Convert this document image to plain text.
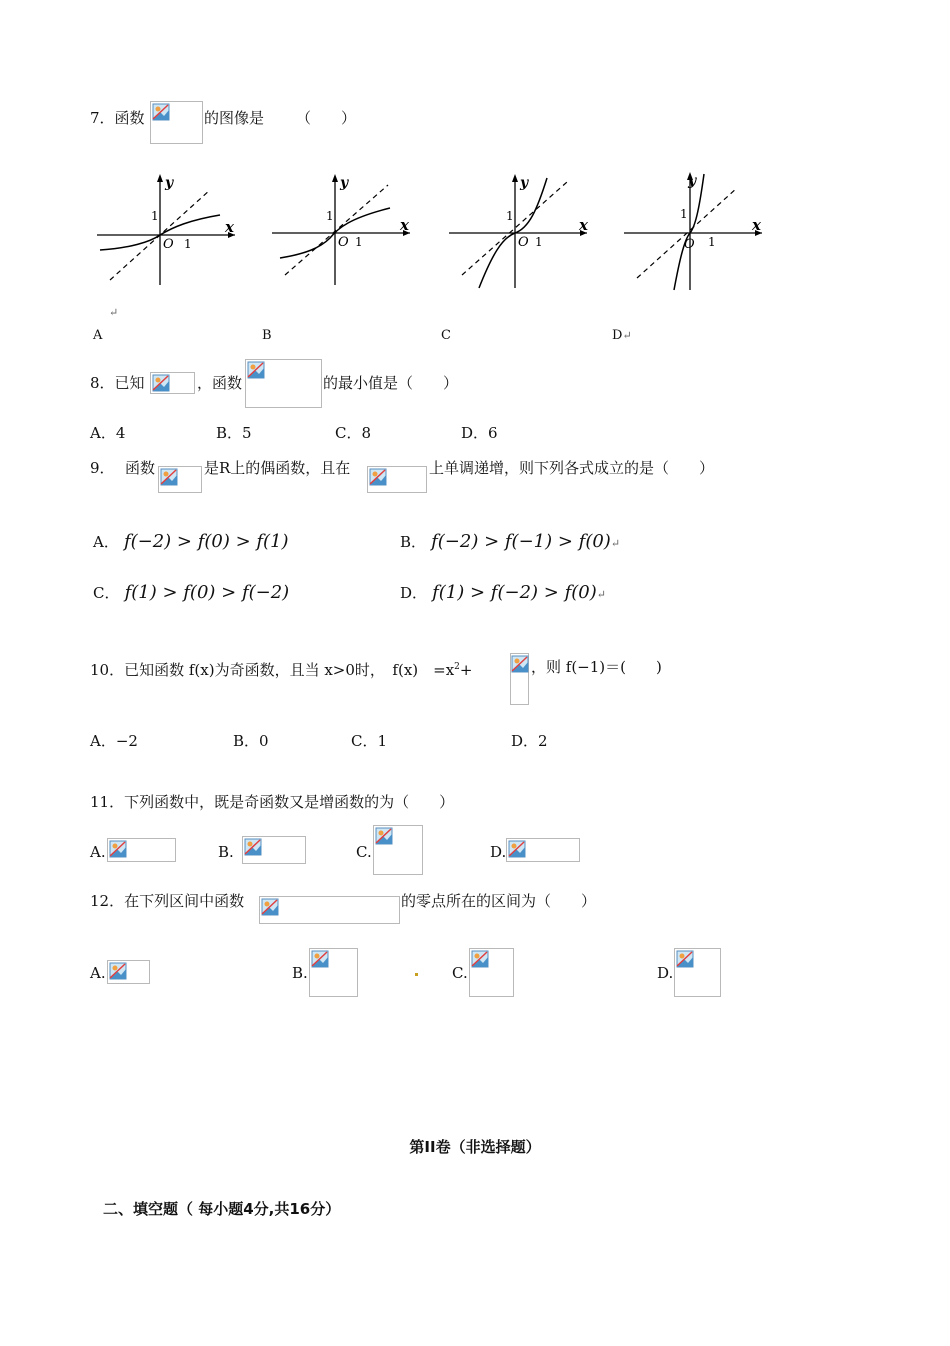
7．函数	的图像是 （　　）
y
x
O 1
1
y
x
O 1
1
y
x
O 1
1
y
x
O 1
1
↵
A	B	C	D↵
8．已知	，函数	的最小值是（　　）
A．4	B．5	C．8	D．6
9． 函数	是R上的偶函数，且在	上单调递增，则下列各式成立的是（　　）
A． f(−2) > f(0) > f(1)	B． f(−2) > f(−1) > f(0)↵
C． f(1) > f(0) > f(−2)	D． f(1) > f(−2) > f(0)↵
10．已知函数 f(x)为奇函数，且当 x>0时，　f(x)　$=x^2+$	，则 f(−1)＝(　　)
A．−2	B．0	C．1	D．2
11．下列函数中，既是奇函数又是增函数的为（　　）
A.	B.	C.	D.
12．在下列区间中函数	的零点所在的区间为（　　）
A.	B.	C.	D.
第II卷（非选择题）
二、填空题（ 每小题4分,共16分）
